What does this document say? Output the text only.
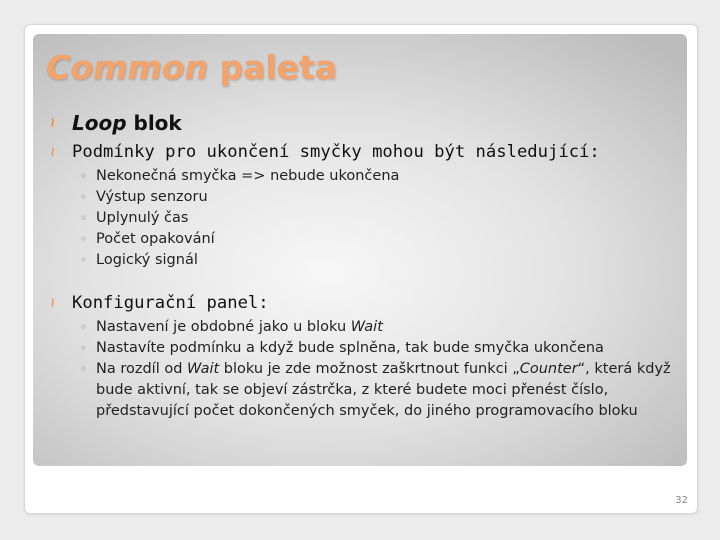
Common paleta
≀ Loop blok
≀ Podmínky pro ukončení smyčky mohou být následující:
◦ Nekonečná smyčka => nebude ukončena
◦ Výstup senzoru
◦ Uplynulý čas
◦ Počet opakování
◦ Logický signál
≀ Konfigurační panel:
◦ Nastavení je obdobné jako u bloku Wait
◦ Nastavíte podmínku a když bude splněna, tak bude smyčka ukončena
◦ Na rozdíl od Wait bloku je zde možnost zaškrtnout funkci „Counter“, která když bude aktivní, tak se objeví zástrčka, z které budete moci přenést číslo, představující počet dokončených smyček, do jiného programovacího bloku
32
